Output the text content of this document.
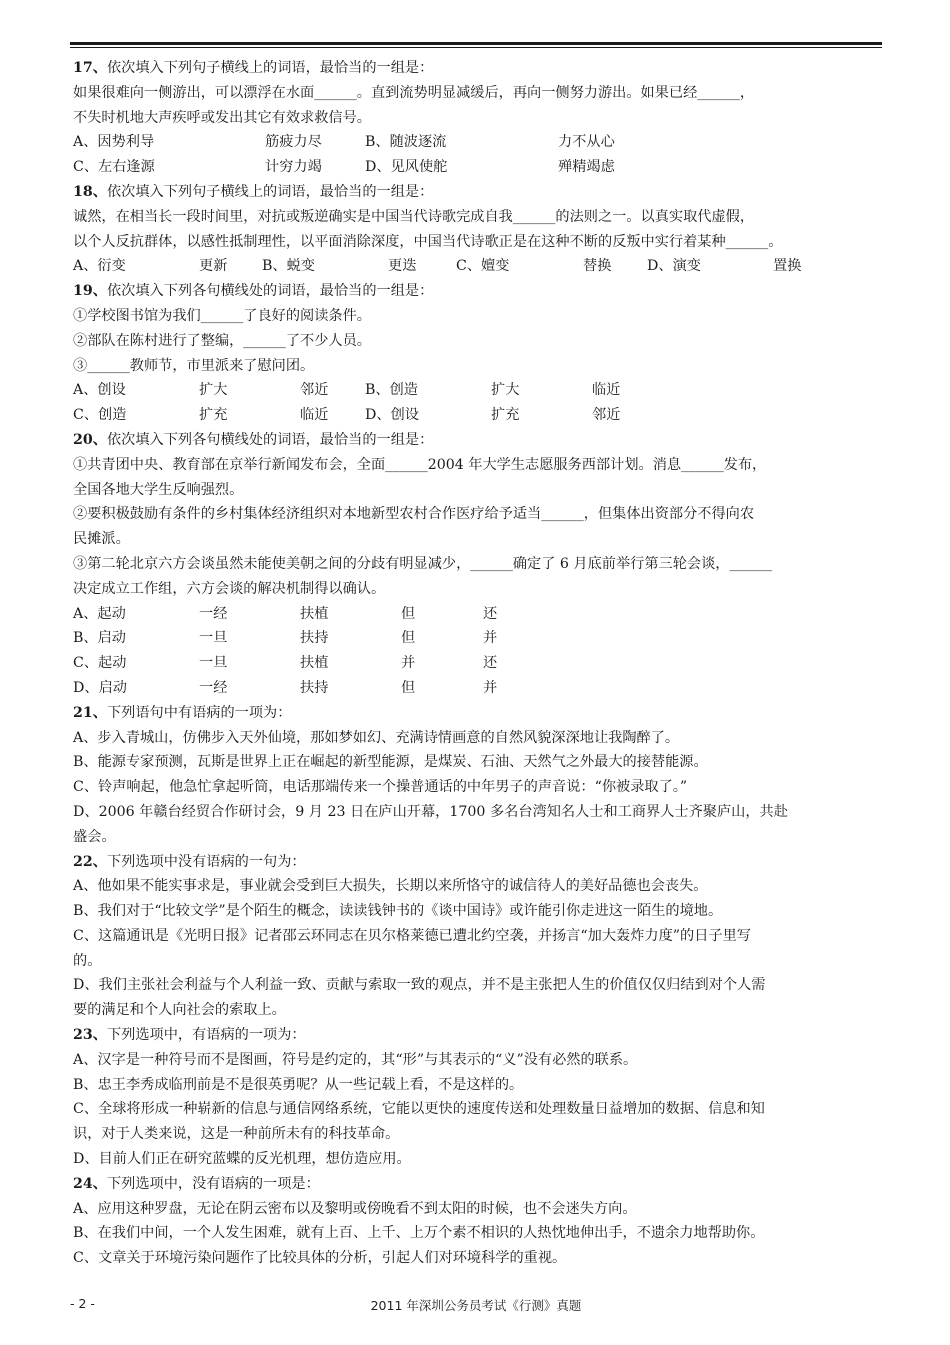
17、依次填入下列句子横线上的词语，最恰当的一组是：

如果很难向一侧游出，可以漂浮在水面______。直到流势明显减缓后，再向一侧努力游出。如果已经______，

不失时机地大声疾呼或发出其它有效求救信号。

A、因势利导	筋疲力尽	B、随波逐流	力不从心
C、左右逢源	计穷力竭	D、见风使舵	殚精竭虑

18、依次填入下列句子横线上的词语，最恰当的一组是：

诚然，在相当长一段时间里，对抗或叛逆确实是中国当代诗歌完成自我______的法则之一。以真实取代虚假，

以个人反抗群体，以感性抵制理性，以平面消除深度，中国当代诗歌正是在这种不断的反叛中实行着某种______。

A、衍变	更新	B、蜕变	更迭	C、嬗变	替换	D、演变	置换

19、依次填入下列各句横线处的词语，最恰当的一组是：

①学校图书馆为我们______了良好的阅读条件。

②部队在陈村进行了整编，______了不少人员。

③______教师节，市里派来了慰问团。

A、创设	扩大	邻近	B、创造	扩大	临近
C、创造	扩充	临近	D、创设	扩充	邻近

20、依次填入下列各句横线处的词语，最恰当的一组是：

①共青团中央、教育部在京举行新闻发布会，全面______2004 年大学生志愿服务西部计划。消息______发布，

全国各地大学生反响强烈。

②要积极鼓励有条件的乡村集体经济组织对本地新型农村合作医疗给予适当______，但集体出资部分不得向农

民摊派。

③第二轮北京六方会谈虽然未能使美朝之间的分歧有明显减少，______确定了 6 月底前举行第三轮会谈，______

决定成立工作组，六方会谈的解决机制得以确认。

A、起动	一经	扶植	但	还
B、启动	一旦	扶持	但	并
C、起动	一旦	扶植	并	还
D、启动	一经	扶持	但	并

21、下列语句中有语病的一项为：

A、步入青城山，仿佛步入天外仙境，那如梦如幻、充满诗情画意的自然风貌深深地让我陶醉了。

B、能源专家预测，瓦斯是世界上正在崛起的新型能源，是煤炭、石油、天然气之外最大的接替能源。

C、铃声响起，他急忙拿起听筒，电话那端传来一个操普通话的中年男子的声音说：“你被录取了。”

D、2006 年赣台经贸合作研讨会，9 月 23 日在庐山开幕，1700 多名台湾知名人士和工商界人士齐聚庐山，共赴

盛会。

22、下列选项中没有语病的一句为：

A、他如果不能实事求是，事业就会受到巨大损失，长期以来所恪守的诚信待人的美好品德也会丧失。

B、我们对于“比较文学”是个陌生的概念，读读钱钟书的《谈中国诗》或许能引你走进这一陌生的境地。

C、这篇通讯是《光明日报》记者邵云环同志在贝尔格莱德已遭北约空袭，并扬言“加大轰炸力度”的日子里写

的。

D、我们主张社会利益与个人利益一致、贡献与索取一致的观点，并不是主张把人生的价值仅仅归结到对个人需

要的满足和个人向社会的索取上。

23、下列选项中，有语病的一项为：

A、汉字是一种符号而不是图画，符号是约定的，其“形”与其表示的“义”没有必然的联系。

B、忠王李秀成临刑前是不是很英勇呢？从一些记载上看，不是这样的。

C、全球将形成一种崭新的信息与通信网络系统，它能以更快的速度传送和处理数量日益增加的数据、信息和知

识，对于人类来说，这是一种前所未有的科技革命。

D、目前人们正在研究蓝蝶的反光机理，想仿造应用。

24、下列选项中，没有语病的一项是：

A、应用这种罗盘，无论在阴云密布以及黎明或傍晚看不到太阳的时候，也不会迷失方向。

B、在我们中间，一个人发生困难，就有上百、上千、上万个素不相识的人热忱地伸出手，不遗余力地帮助你。

C、文章关于环境污染问题作了比较具体的分析，引起人们对环境科学的重视。

- 2 -	2011 年深圳公务员考试《行测》真题
